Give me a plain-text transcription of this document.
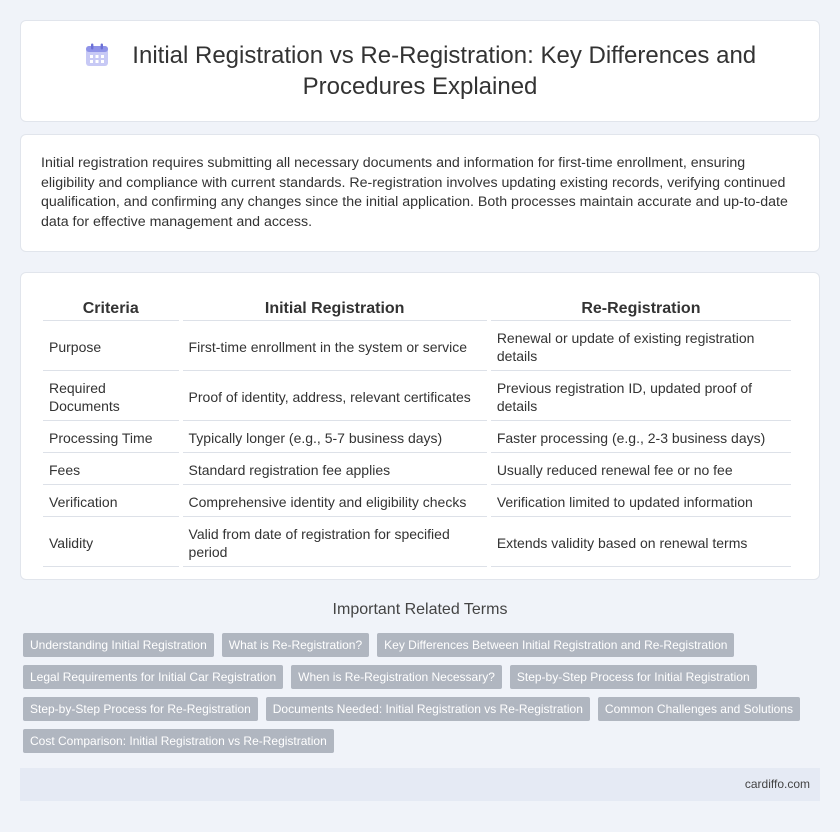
Initial Registration vs Re-Registration: Key Differences and Procedures Explained

Initial registration requires submitting all necessary documents and information for first-time enrollment, ensuring eligibility and compliance with current standards. Re-registration involves updating existing records, verifying continued qualification, and confirming any changes since the initial application. Both processes maintain accurate and up-to-date data for effective management and access.

Criteria	Initial Registration	Re-Registration
Purpose	First-time enrollment in the system or service	Renewal or update of existing registration details
Required Documents	Proof of identity, address, relevant certificates	Previous registration ID, updated proof of details
Processing Time	Typically longer (e.g., 5-7 business days)	Faster processing (e.g., 2-3 business days)
Fees	Standard registration fee applies	Usually reduced renewal fee or no fee
Verification	Comprehensive identity and eligibility checks	Verification limited to updated information
Validity	Valid from date of registration for specified period	Extends validity based on renewal terms
Important Related Terms
Understanding Initial Registration	What is Re-Registration?	Key Differences Between Initial Registration and Re-Registration
Legal Requirements for Initial Car Registration	When is Re-Registration Necessary?	Step-by-Step Process for Initial Registration
Step-by-Step Process for Re-Registration	Documents Needed: Initial Registration vs Re-Registration	Common Challenges and Solutions
Cost Comparison: Initial Registration vs Re-Registration
cardiffo.com
